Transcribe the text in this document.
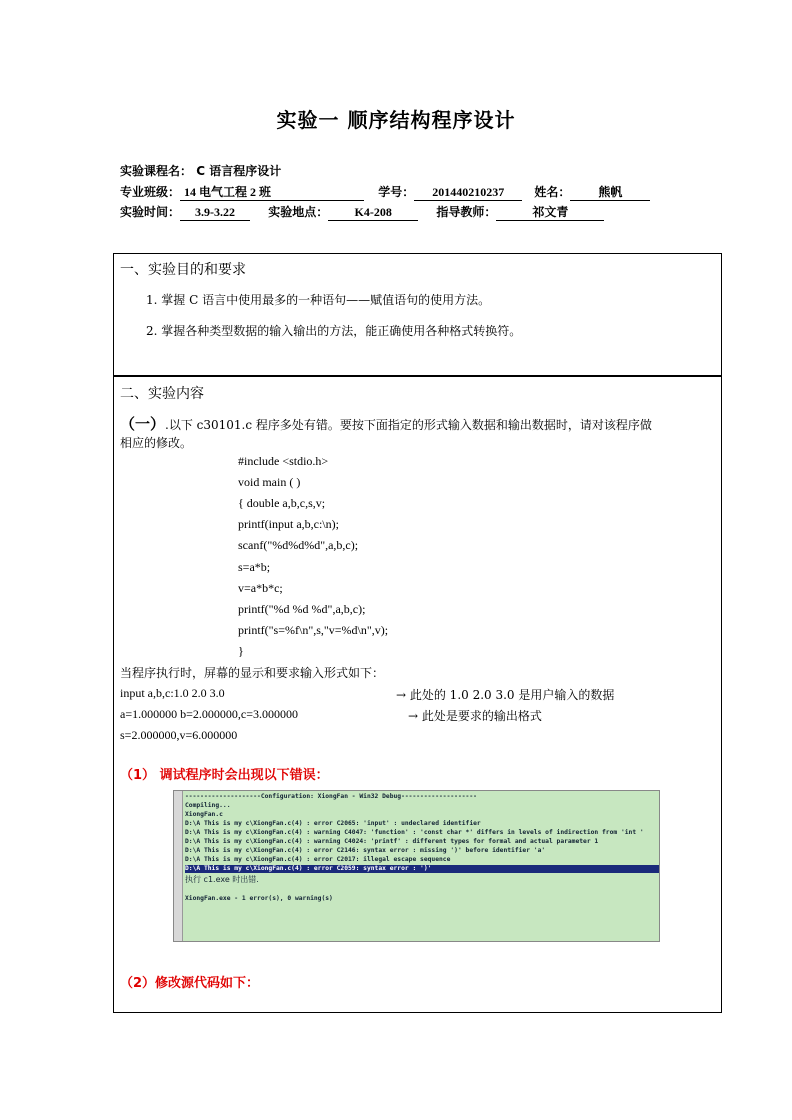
实验一 顺序结构程序设计
实验课程名： C 语言程序设计
专业班级： 14 电气工程 2 班	学号： 201440210237	姓名： 熊帆
实验时间： 3.9-3.22	实验地点： K4-208	指导教师：	祁文青
一、实验目的和要求
1. 掌握 C 语言中使用最多的一种语句——赋值语句的使用方法。
2. 掌握各种类型数据的输入输出的方法，能正确使用各种格式转换符。
二、实验内容
（一）.以下 c30101.c 程序多处有错。要按下面指定的形式输入数据和输出数据时，请对该程序做
相应的修改。
#include <stdio.h>
void main ( )
{ double a,b,c,s,v;
printf(input a,b,c:\n);
scanf("%d%d%d",a,b,c);
s=a*b;
v=a*b*c;
printf("%d %d %d",a,b,c);
printf("s=%f\n",s,"v=%d\n",v);
}
当程序执行时，屏幕的显示和要求输入形式如下：
input a,b,c:1.0 2.0 3.0	→ 此处的 1.0 2.0 3.0 是用户输入的数据
a=1.000000 b=2.000000,c=3.000000	→ 此处是要求的输出格式
s=2.000000,v=6.000000
（1） 调试程序时会出现以下错误：
--------------------Configuration: XiongFan - Win32 Debug--------------------
Compiling...
XiongFan.c
D:\A This is my c\XiongFan.c(4) : error C2065: 'input' : undeclared identifier
D:\A This is my c\XiongFan.c(4) : warning C4047: 'function' : 'const char *' differs in levels of indirection from 'int '
D:\A This is my c\XiongFan.c(4) : warning C4024: 'printf' : different types for formal and actual parameter 1
D:\A This is my c\XiongFan.c(4) : error C2146: syntax error : missing ')' before identifier 'a'
D:\A This is my c\XiongFan.c(4) : error C2017: illegal escape sequence
D:\A This is my c\XiongFan.c(4) : error C2059: syntax error : ')'
执行 c1.exe 时出错.
XiongFan.exe - 1 error(s), 0 warning(s)
（2）修改源代码如下：
